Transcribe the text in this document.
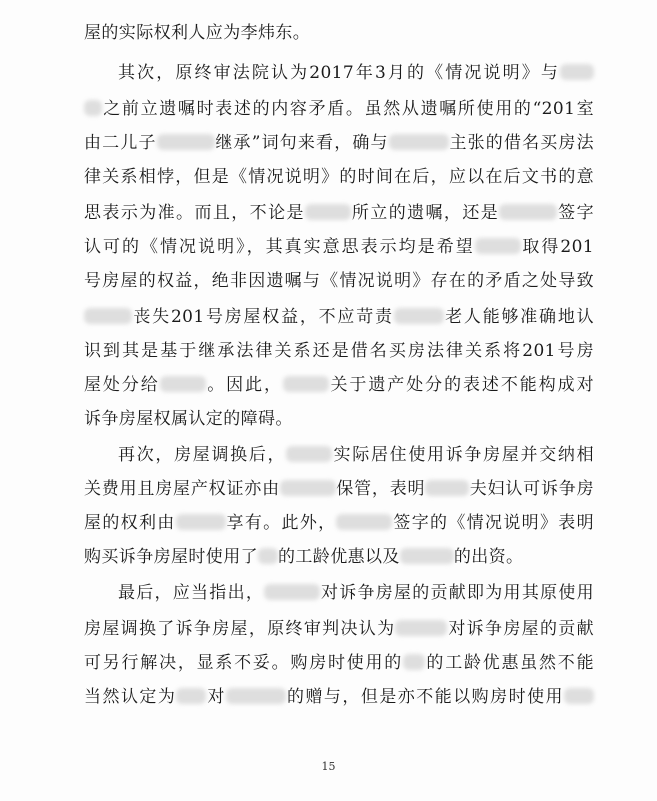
屋的实际权利人应为李炜东。
其次，原终审法院认为2017年3月的《情况说明》与
之前立遗嘱时表述的内容矛盾。虽然从遗嘱所使用的“201室
由二儿子	继承”词句来看，确与	主张的借名买房法
律关系相悖，但是《情况说明》的时间在后，应以在后文书的意
思表示为准。而且，不论是	所立的遗嘱，还是	签字
认可的《情况说明》，其真实意思表示均是希望	取得201
号房屋的权益，绝非因遗嘱与《情况说明》存在的矛盾之处导致
丧失201号房屋权益，不应苛责	老人能够准确地认
识到其是基于继承法律关系还是借名买房法律关系将201号房
屋处分给	。因此，	关于遗产处分的表述不能构成对
诉争房屋权属认定的障碍。
再次，房屋调换后，	实际居住使用诉争房屋并交纳相
关费用且房屋产权证亦由	保管，表明	夫妇认可诉争房
屋的权利由	享有。此外，	签字的《情况说明》表明
购买诉争房屋时使用了 的工龄优惠以及	的出资。
最后，应当指出，	对诉争房屋的贡献即为用其原使用
房屋调换了诉争房屋，原终审判决认为	对诉争房屋的贡献
可另行解决，显系不妥。购房时使用的 的工龄优惠虽然不能
当然认定为 对	的赠与，但是亦不能以购房时使用
15
